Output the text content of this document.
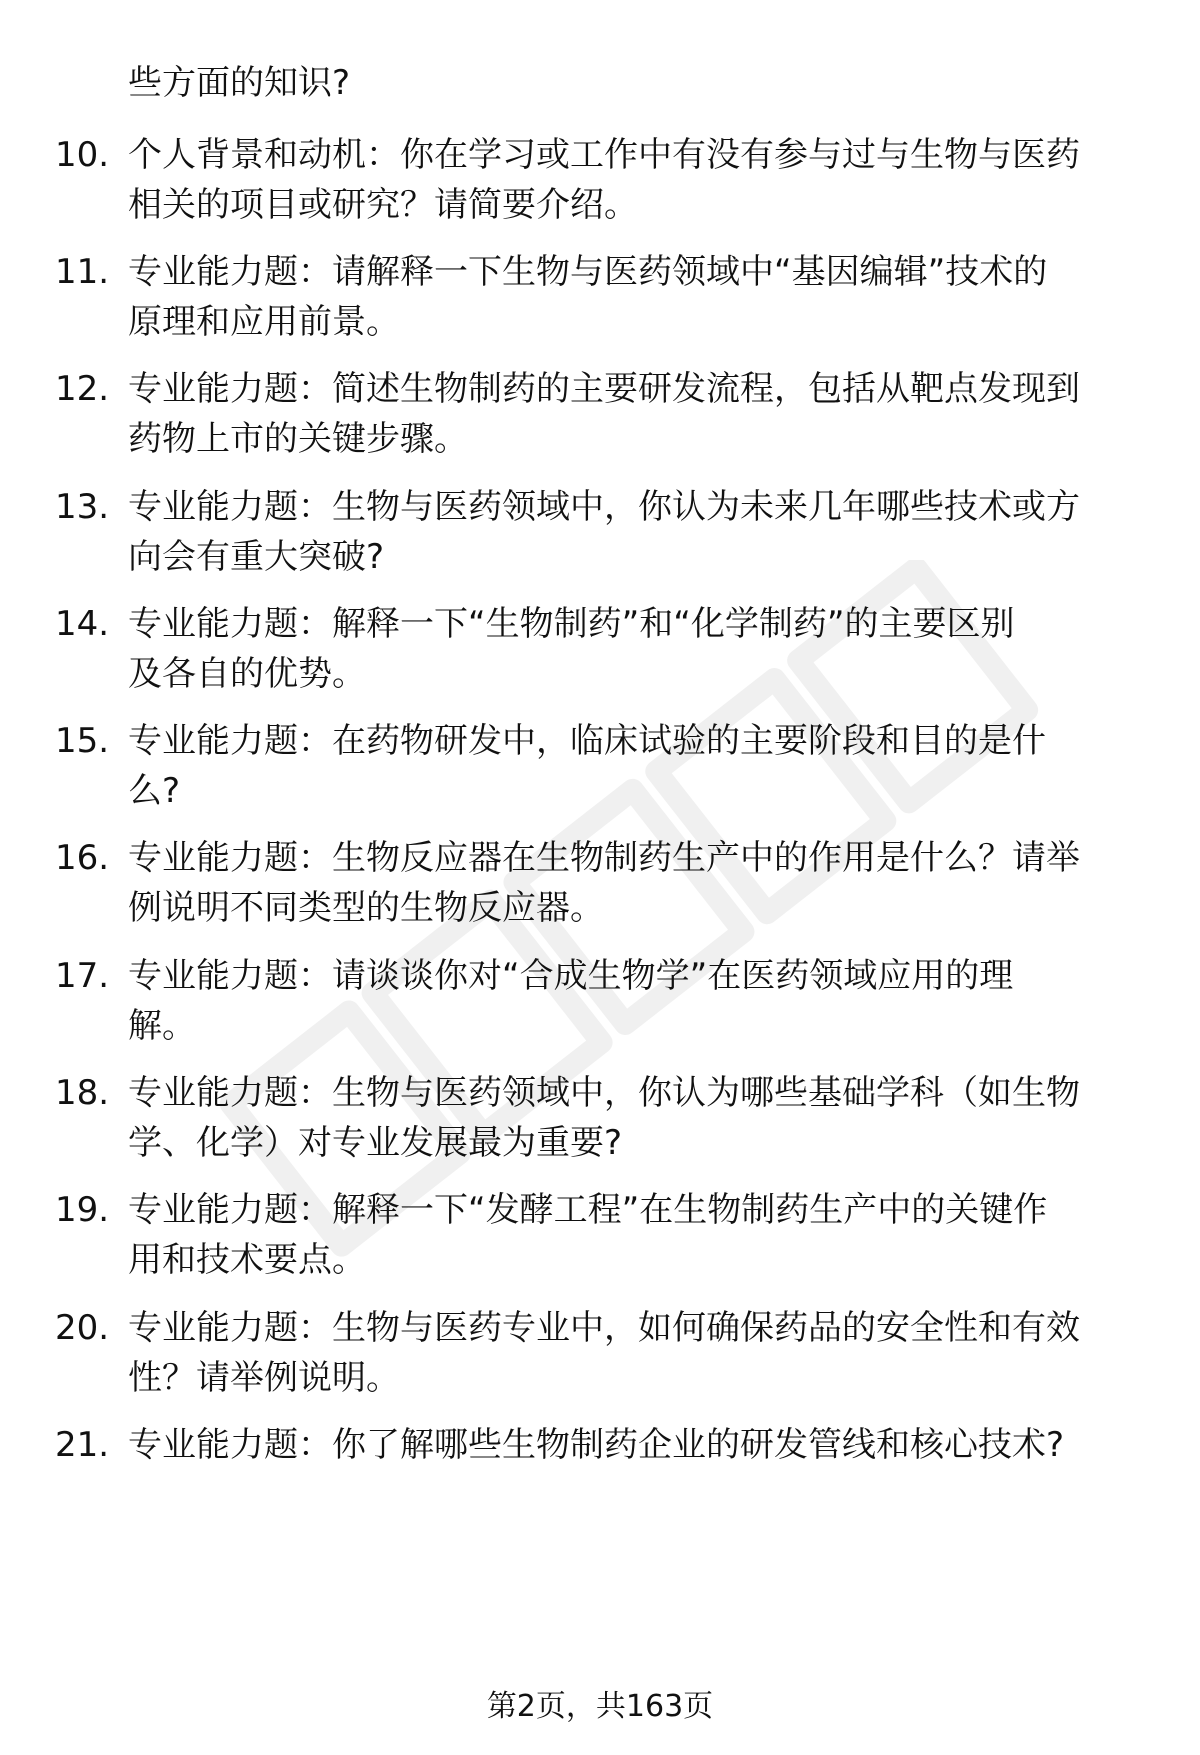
些方面的知识?
10. 个人背景和动机：你在学习或工作中有没有参与过与生物与医药
相关的项目或研究？请简要介绍。
11. 专业能力题：请解释一下生物与医药领域中“基因编辑”技术的
原理和应用前景。
12. 专业能力题：简述生物制药的主要研发流程，包括从靶点发现到
药物上市的关键步骤。
13. 专业能力题：生物与医药领域中，你认为未来几年哪些技术或方
向会有重大突破?
14. 专业能力题：解释一下“生物制药”和“化学制药”的主要区别
及各自的优势。
15. 专业能力题：在药物研发中，临床试验的主要阶段和目的是什
么?
16. 专业能力题：生物反应器在生物制药生产中的作用是什么？请举
例说明不同类型的生物反应器。
17. 专业能力题：请谈谈你对“合成生物学”在医药领域应用的理
解。
18. 专业能力题：生物与医药领域中，你认为哪些基础学科（如生物
学、化学）对专业发展最为重要?
19. 专业能力题：解释一下“发酵工程”在生物制药生产中的关键作
用和技术要点。
20. 专业能力题：生物与医药专业中，如何确保药品的安全性和有效
性？请举例说明。
21. 专业能力题：你了解哪些生物制药企业的研发管线和核心技术?
第2页，共163页
